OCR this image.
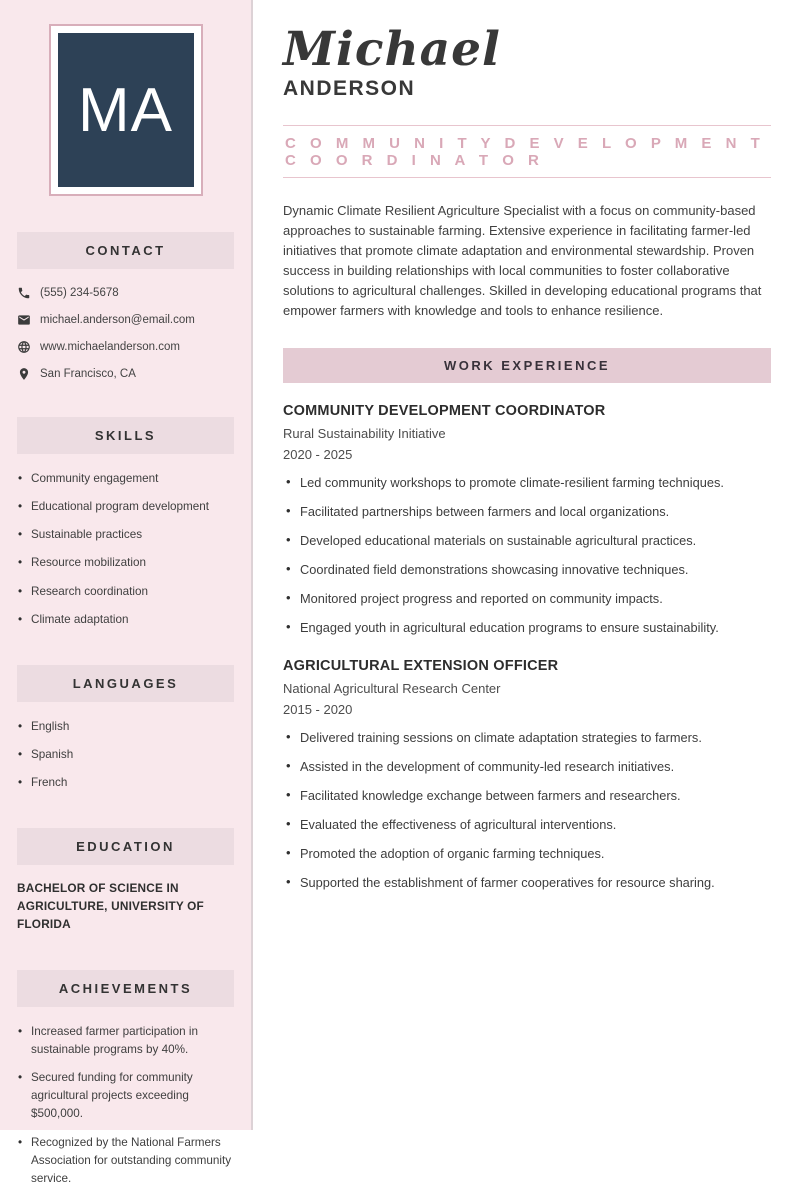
MA
CONTACT
(555) 234-5678
michael.anderson@email.com
www.michaelanderson.com
San Francisco, CA
SKILLS
• Community engagement
• Educational program development
• Sustainable practices
• Resource mobilization
• Research coordination
• Climate adaptation
LANGUAGES
• English
• Spanish
• French
EDUCATION
BACHELOR OF SCIENCE IN AGRICULTURE, UNIVERSITY OF FLORIDA
ACHIEVEMENTS
• Increased farmer participation in sustainable programs by 40%.
• Secured funding for community agricultural projects exceeding $500,000.
• Recognized by the National Farmers Association for outstanding community service.
Michael
ANDERSON
C O M M U N I T Y D E V E L O P M E N T C O O R D I N A T O R

Dynamic Climate Resilient Agriculture Specialist with a focus on community-based approaches to sustainable farming. Extensive experience in facilitating farmer-led initiatives that promote climate adaptation and environmental stewardship. Proven success in building relationships with local communities to foster collaborative solutions to agricultural challenges. Skilled in developing educational programs that empower farmers with knowledge and tools to enhance resilience.

WORK EXPERIENCE
COMMUNITY DEVELOPMENT COORDINATOR
Rural Sustainability Initiative
2020 - 2025
• Led community workshops to promote climate-resilient farming techniques.
• Facilitated partnerships between farmers and local organizations.
• Developed educational materials on sustainable agricultural practices.
• Coordinated field demonstrations showcasing innovative techniques.
• Monitored project progress and reported on community impacts.
• Engaged youth in agricultural education programs to ensure sustainability.
AGRICULTURAL EXTENSION OFFICER
National Agricultural Research Center
2015 - 2020
• Delivered training sessions on climate adaptation strategies to farmers.
• Assisted in the development of community-led research initiatives.
• Facilitated knowledge exchange between farmers and researchers.
• Evaluated the effectiveness of agricultural interventions.
• Promoted the adoption of organic farming techniques.
• Supported the establishment of farmer cooperatives for resource sharing.
